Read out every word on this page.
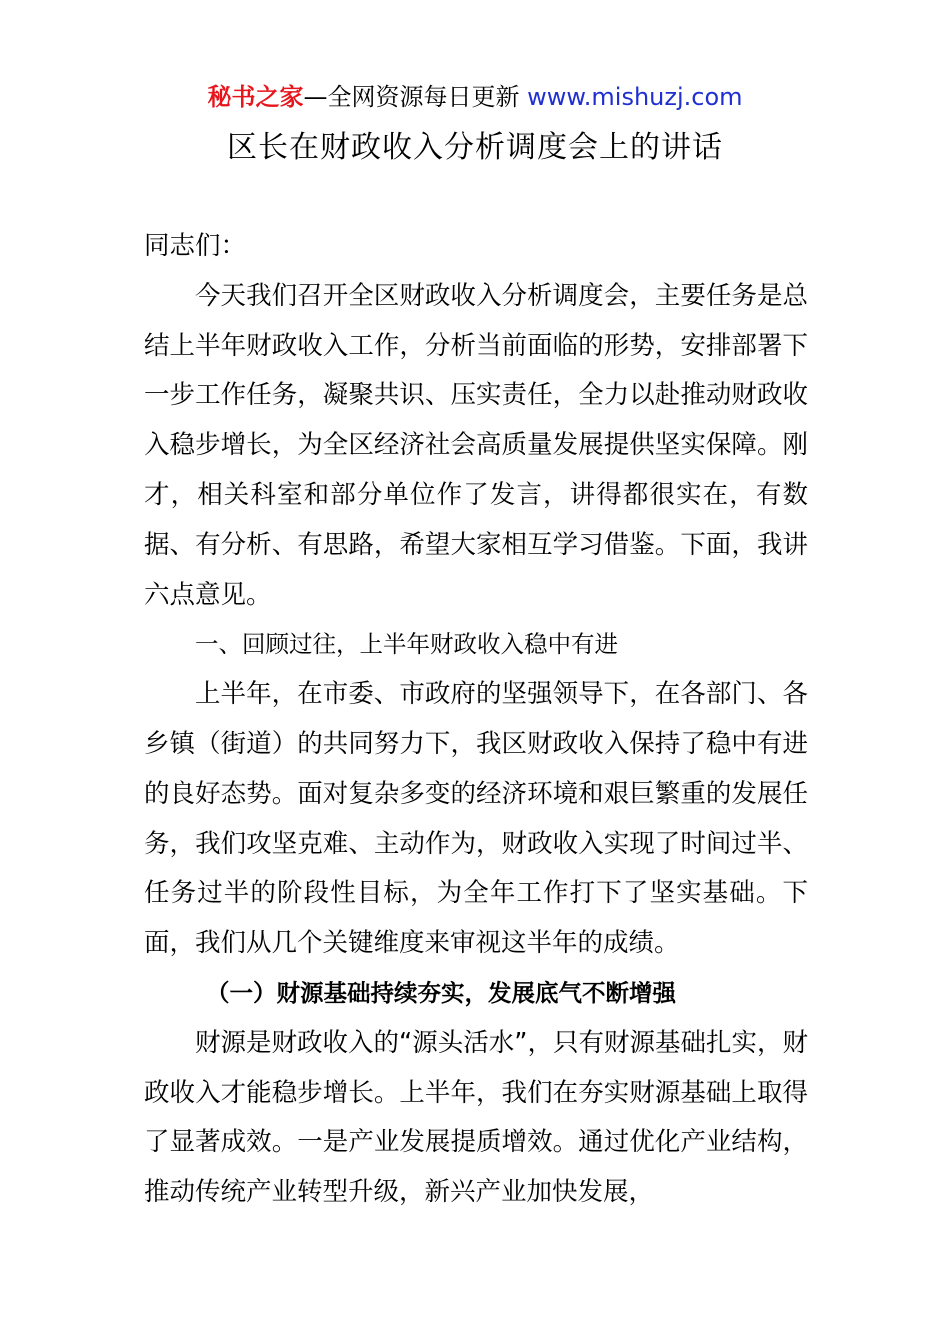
秘书之家—全网资源每日更新 www.mishuzj.com
区长在财政收入分析调度会上的讲话

同志们：

今天我们召开全区财政收入分析调度会，主要任务是总结上半年财政收入工作，分析当前面临的形势，安排部署下一步工作任务，凝聚共识、压实责任，全力以赴推动财政收入稳步增长，为全区经济社会高质量发展提供坚实保障。刚才，相关科室和部分单位作了发言，讲得都很实在，有数据、有分析、有思路，希望大家相互学习借鉴。下面，我讲六点意见。

一、回顾过往，上半年财政收入稳中有进

上半年，在市委、市政府的坚强领导下，在各部门、各乡镇（街道）的共同努力下，我区财政收入保持了稳中有进的良好态势。面对复杂多变的经济环境和艰巨繁重的发展任务，我们攻坚克难、主动作为，财政收入实现了时间过半、任务过半的阶段性目标，为全年工作打下了坚实基础。下面，我们从几个关键维度来审视这半年的成绩。

（一）财源基础持续夯实，发展底气不断增强

财源是财政收入的“源头活水”，只有财源基础扎实，财政收入才能稳步增长。上半年，我们在夯实财源基础上取得了显著成效。一是产业发展提质增效。通过优化产业结构，推动传统产业转型升级，新兴产业加快发展，
